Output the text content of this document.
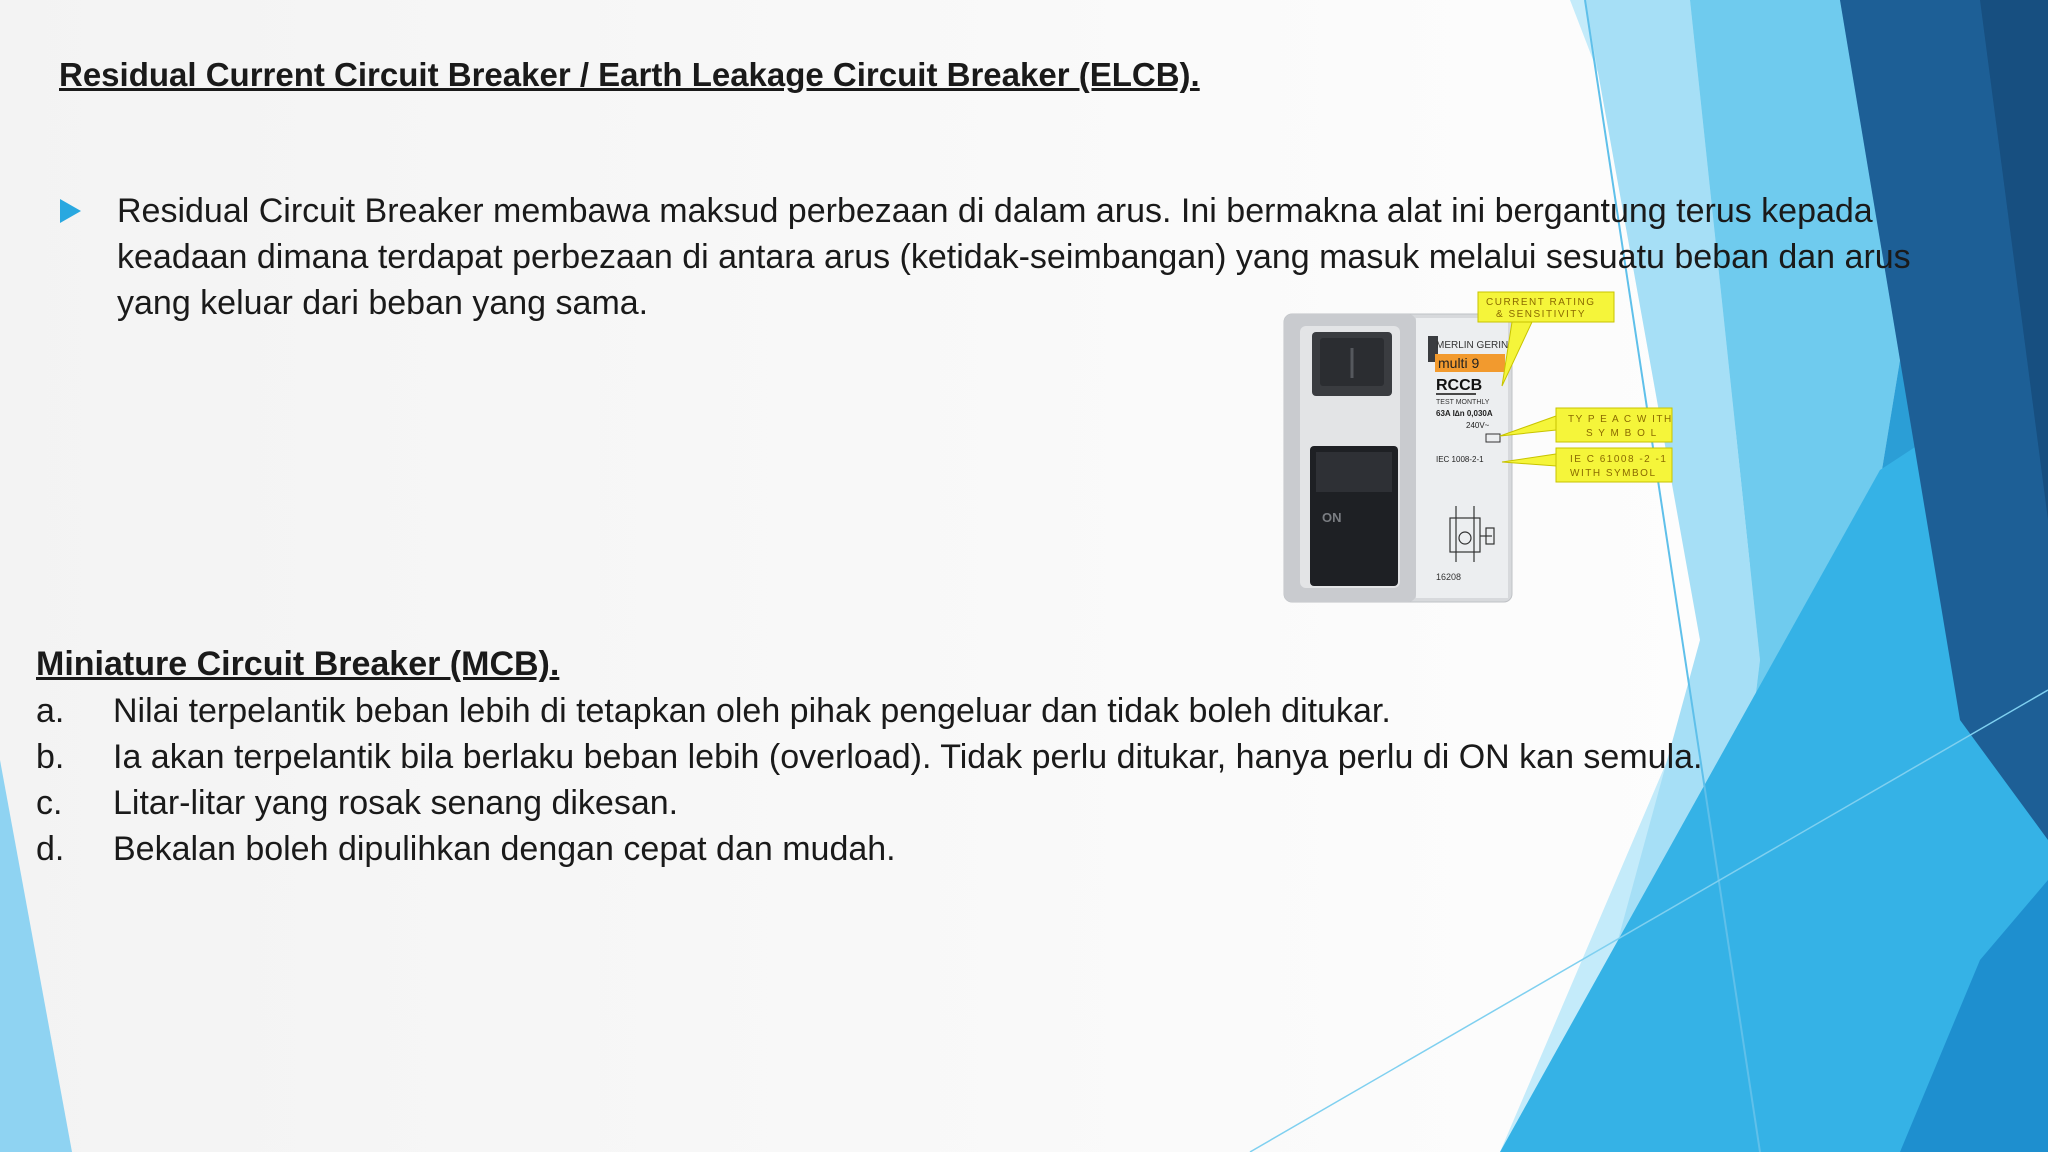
Residual Current Circuit Breaker / Earth Leakage Circuit Breaker (ELCB).
Residual Circuit Breaker membawa maksud perbezaan di dalam arus. Ini bermakna alat ini bergantung terus kepada keadaan dimana terdapat perbezaan di antara arus (ketidak-seimbangan) yang masuk melalui sesuatu beban dan arus yang keluar dari beban yang sama.
ON
MERLIN GERIN
multi 9
RCCB
TEST MONTHLY
63A I∆n 0,030A
240V~
IEC 1008-2-1
16208
CURRENT RATING
& SENSITIVITY
TY P E A C W ITH
S Y M B O L
IE C 61008 -2 -1
WITH SYMBOL
Miniature Circuit Breaker (MCB).
a. Nilai terpelantik beban lebih di tetapkan oleh pihak pengeluar dan tidak boleh ditukar.
b. Ia akan terpelantik bila berlaku beban lebih (overload). Tidak perlu ditukar, hanya perlu di ON kan semula.
c. Litar-litar yang rosak senang dikesan.
d. Bekalan boleh dipulihkan dengan cepat dan mudah.
